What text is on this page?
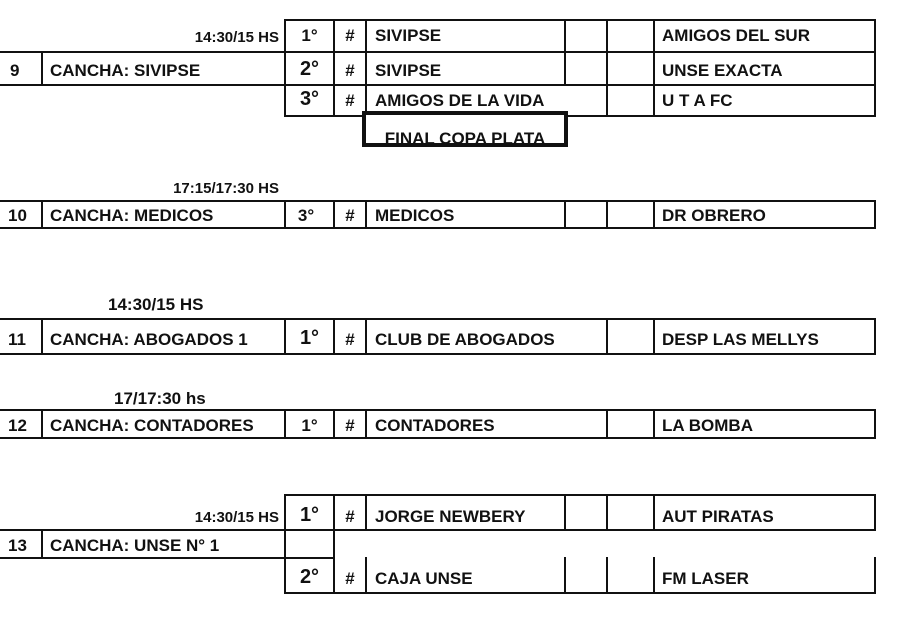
14:30/15 HS
9 CANCHA: SIVIPSE
1°	#	SIVIPSE	AMIGOS DEL SUR
2°	#	SIVIPSE	UNSE EXACTA
3°	#	AMIGOS DE LA VIDA	U T A FC
FINAL COPA PLATA
17:15/17:30 HS
10 CANCHA: MEDICOS	3°	#	MEDICOS	DR OBRERO
14:30/15 HS
11 CANCHA: ABOGADOS 1	1°	#	CLUB DE ABOGADOS	DESP LAS MELLYS
17/17:30 hs
12 CANCHA: CONTADORES	1°	#	CONTADORES	LA BOMBA
14:30/15 HS
13 CANCHA: UNSE N° 1
1°	#	JORGE NEWBERY	AUT PIRATAS
2°	#	CAJA UNSE	FM LASER
